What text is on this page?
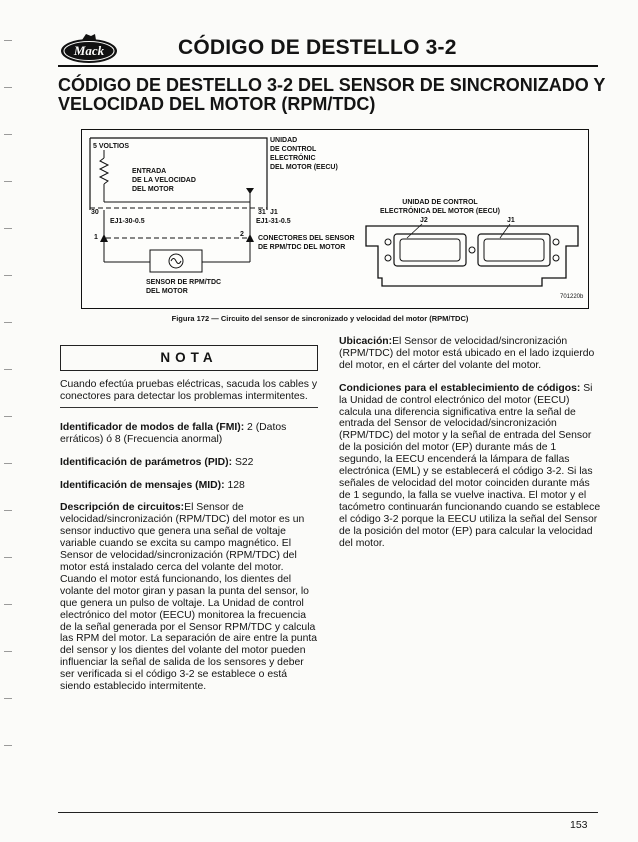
Mack	CÓDIGO DE DESTELLO 3-2
CÓDIGO DE DESTELLO 3-2 DEL SENSOR DE SINCRONIZADO Y VELOCIDAD DEL MOTOR (RPM/TDC)
5 VOLTIOS
ENTRADA
DE LA VELOCIDAD
DEL MOTOR
UNIDAD
DE CONTROL
ELECTRÓNIC
DEL MOTOR (EECU)
30	31 J1
EJ1-30-0.5	EJ1-31-0.5
1	2
CONECTORES DEL SENSOR
DE RPM/TDC DEL MOTOR
SENSOR DE RPM/TDC
DEL MOTOR
UNIDAD DE CONTROL
ELECTRÓNICA DEL MOTOR (EECU)
J2	J1
701220b
Figura 172 — Circuito del sensor de sincronizado y velocidad del motor (RPM/TDC)
NOTA

Cuando efectúa pruebas eléctricas, sacuda los cables y conectores para detectar los problemas intermitentes.

Identificador de modos de falla (FMI): 2 (Datos erráticos) ó 8 (Frecuencia anormal)

Identificación de parámetros (PID): S22

Identificación de mensajes (MID): 128

Descripción de circuitos:El Sensor de velocidad/sincronización (RPM/TDC) del motor es un sensor inductivo que genera una señal de voltaje variable cuando se excita su campo magnético. El Sensor de velocidad/sincronización (RPM/TDC) del motor está instalado cerca del volante del motor. Cuando el motor está funcionando, los dientes del volante del motor giran y pasan la punta del sensor, lo que genera un pulso de voltaje. La Unidad de control electrónico del motor (EECU) monitorea la frecuencia de la señal generada por el Sensor RPM/TDC y calcula las RPM del motor. La separación de aire entre la punta del sensor y los dientes del volante del motor pueden influenciar la señal de salida de los sensores y deber ser verificada si el código 3-2 se establece o está siendo establecido intermitente.

Ubicación:El Sensor de velocidad/sincronización (RPM/TDC) del motor está ubicado en el lado izquierdo del motor, en el cárter del volante del motor.

Condiciones para el establecimiento de códigos: Si la Unidad de control electrónico del motor (EECU) calcula una diferencia significativa entre la señal de entrada del Sensor de velocidad/sincronización (RPM/TDC) del motor y la señal de entrada del Sensor de la posición del motor (EP) durante más de 1 segundo, la EECU encenderá la lámpara de fallas electrónica (EML) y se establecerá el código 3-2. Si las señales de velocidad del motor coinciden durante más de 1 segundo, la falla se vuelve inactiva. El motor y el tacómetro continuarán funcionando cuando se establece el código 3-2 porque la EECU utiliza la señal del Sensor de la posición del motor (EP) para calcular la velocidad del motor.

153
